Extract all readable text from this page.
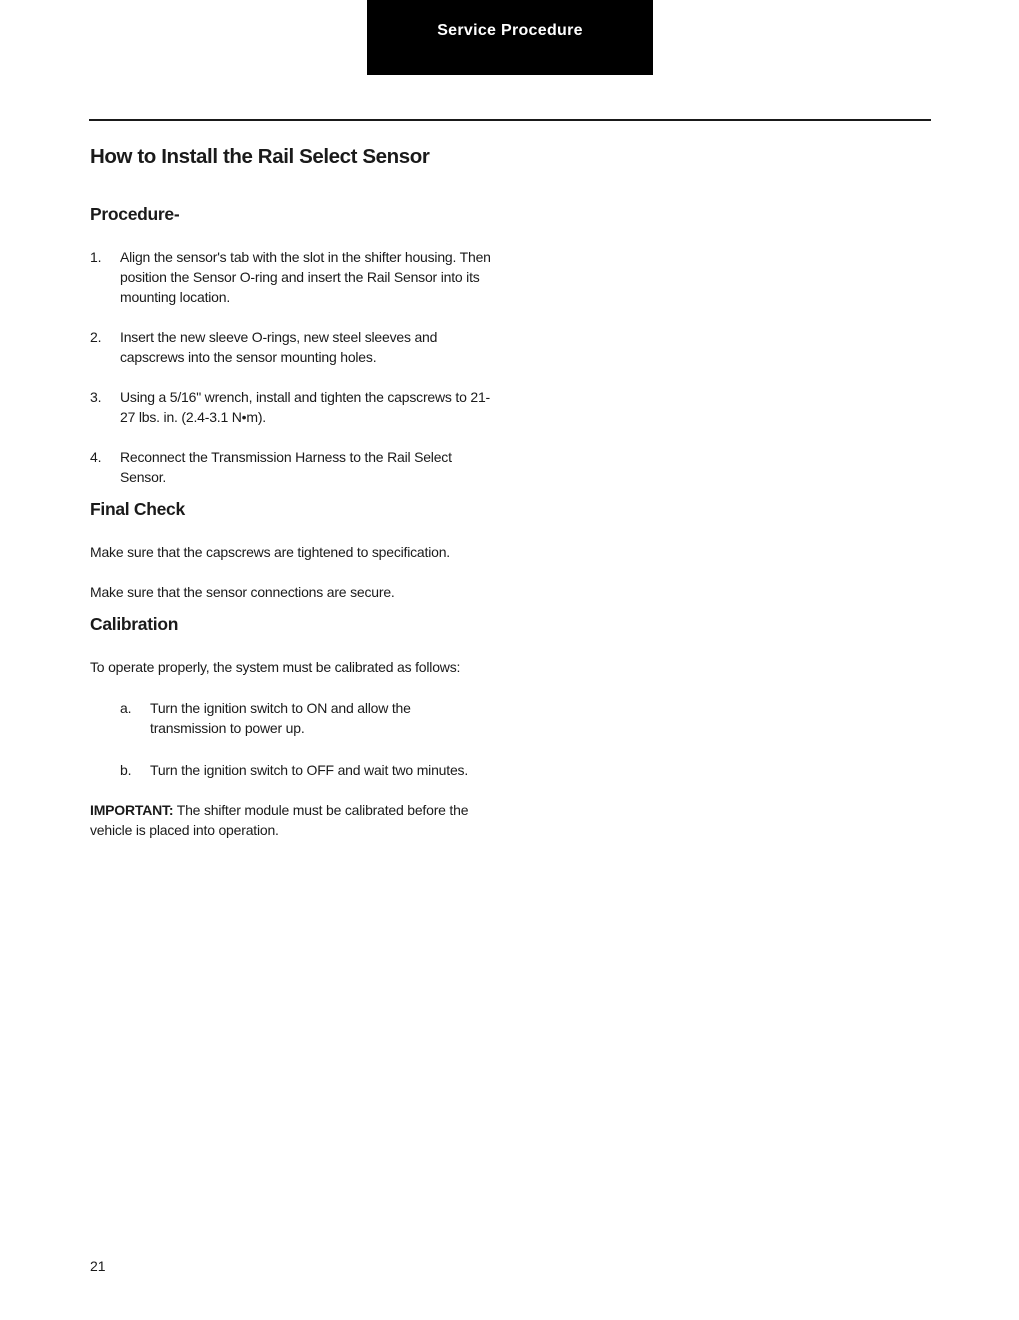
Service Procedure
How to Install the Rail Select Sensor
Procedure-
1.	Align the sensor's tab with the slot in the shifter housing. Then position the Sensor O-ring and insert the Rail Sensor into its mounting location.
2.	Insert the new sleeve O-rings, new steel sleeves and capscrews into the sensor mounting holes.
3.	Using a 5/16" wrench, install and tighten the capscrews to 21-27 lbs. in. (2.4-3.1 N•m).
4.	Reconnect the Transmission Harness to the Rail Select Sensor.
Final Check
Make sure that the capscrews are tightened to specification.
Make sure that the sensor connections are secure.
Calibration
To operate properly, the system must be calibrated as follows:
a.	Turn the ignition switch to ON and allow the transmission to power up.
b.	Turn the ignition switch to OFF and wait two minutes.
IMPORTANT: The shifter module must be calibrated before the vehicle is placed into operation.
21
